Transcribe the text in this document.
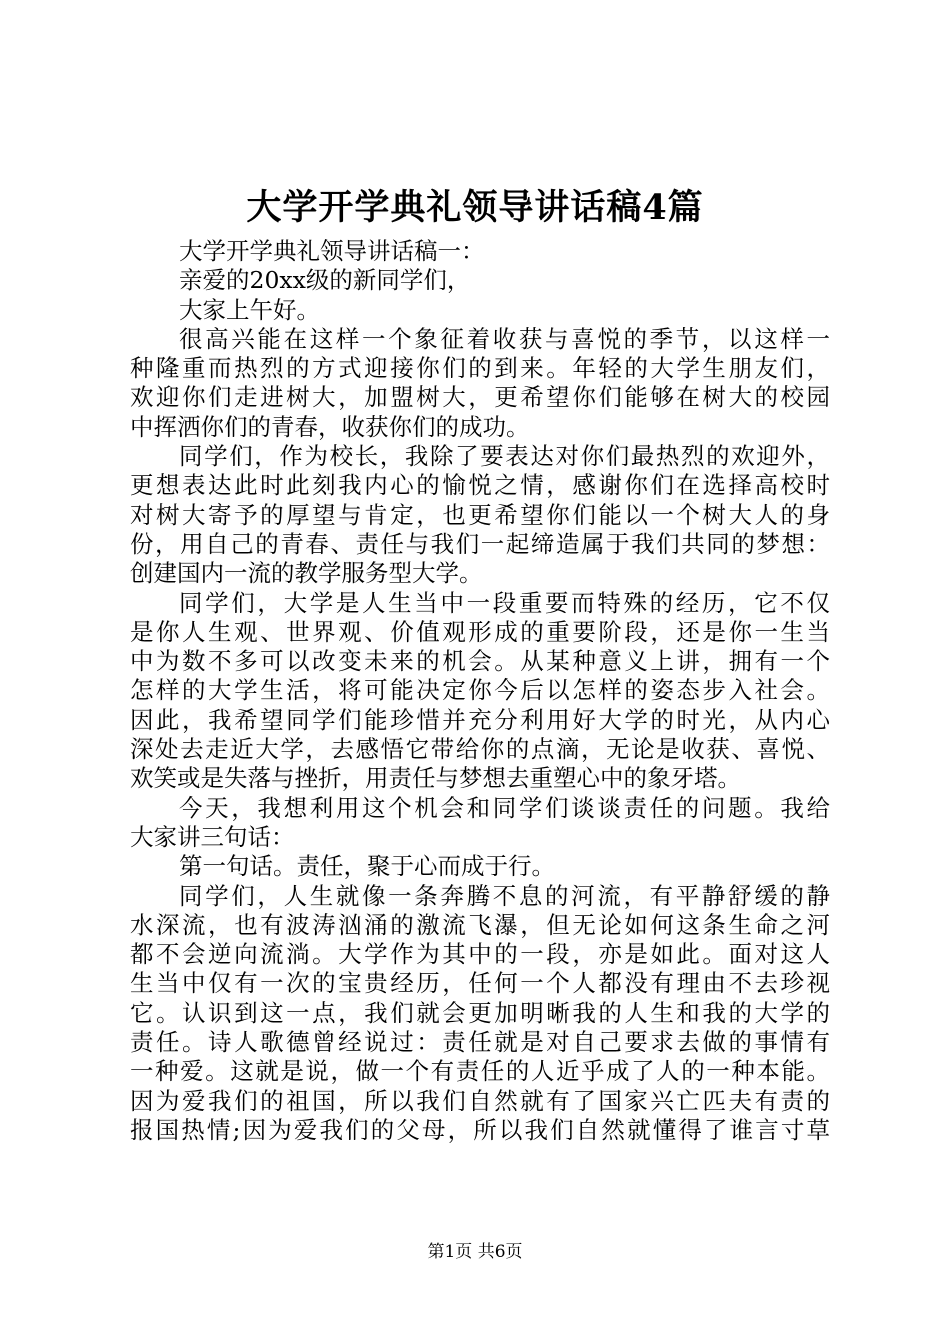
大学开学典礼领导讲话稿4篇
大学开学典礼领导讲话稿一：
亲爱的20xx级的新同学们，
大家上午好。
很高兴能在这样一个象征着收获与喜悦的季节，以这样一
种隆重而热烈的方式迎接你们的到来。年轻的大学生朋友们，
欢迎你们走进树大，加盟树大，更希望你们能够在树大的校园
中挥洒你们的青春，收获你们的成功。
同学们，作为校长，我除了要表达对你们最热烈的欢迎外，
更想表达此时此刻我内心的愉悦之情，感谢你们在选择高校时
对树大寄予的厚望与肯定，也更希望你们能以一个树大人的身
份，用自己的青春、责任与我们一起缔造属于我们共同的梦想：
创建国内一流的教学服务型大学。
同学们，大学是人生当中一段重要而特殊的经历，它不仅
是你人生观、世界观、价值观形成的重要阶段，还是你一生当
中为数不多可以改变未来的机会。从某种意义上讲，拥有一个
怎样的大学生活，将可能决定你今后以怎样的姿态步入社会。
因此，我希望同学们能珍惜并充分利用好大学的时光，从内心
深处去走近大学，去感悟它带给你的点滴，无论是收获、喜悦、
欢笑或是失落与挫折，用责任与梦想去重塑心中的象牙塔。
今天，我想利用这个机会和同学们谈谈责任的问题。我给
大家讲三句话：
第一句话。责任，聚于心而成于行。
同学们，人生就像一条奔腾不息的河流，有平静舒缓的静
水深流，也有波涛汹涌的激流飞瀑，但无论如何这条生命之河
都不会逆向流淌。大学作为其中的一段，亦是如此。面对这人
生当中仅有一次的宝贵经历，任何一个人都没有理由不去珍视
它。认识到这一点，我们就会更加明晰我的人生和我的大学的
责任。诗人歌德曾经说过：责任就是对自己要求去做的事情有
一种爱。这就是说，做一个有责任的人近乎成了人的一种本能。
因为爱我们的祖国，所以我们自然就有了国家兴亡匹夫有责的
报国热情;因为爱我们的父母，所以我们自然就懂得了谁言寸草
第1页 共6页
